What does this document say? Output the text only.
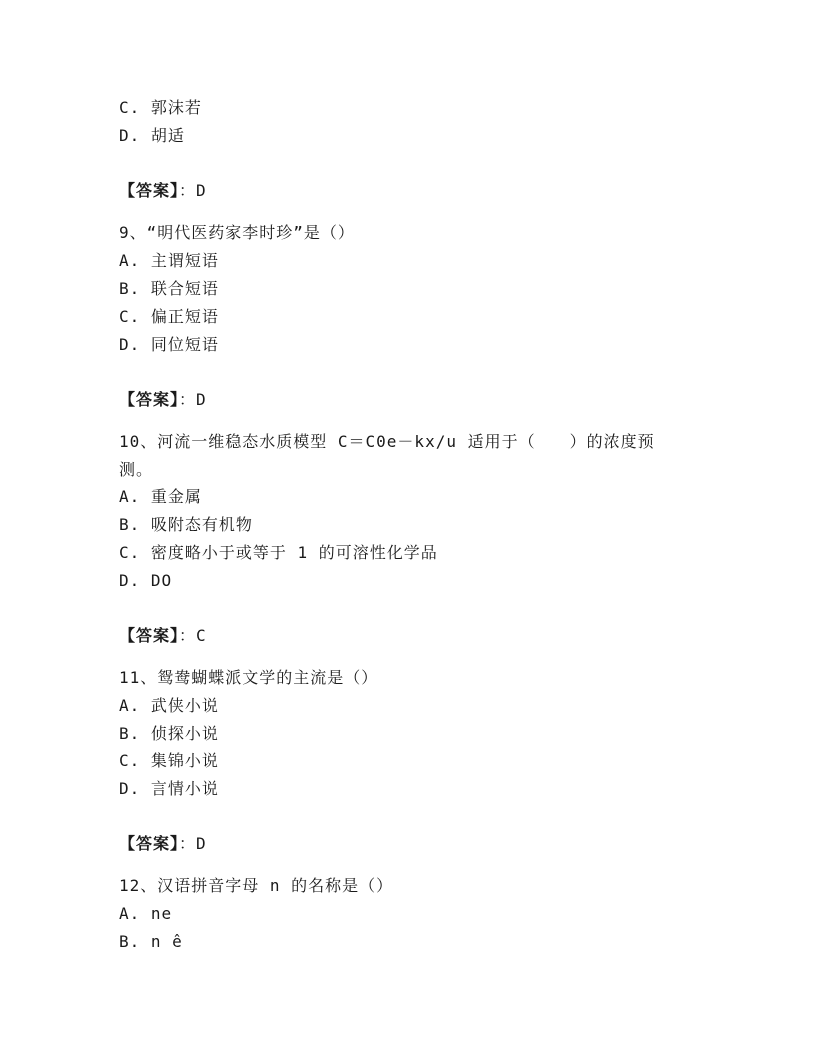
C. 郭沫若
D. 胡适
【答案】：D
9、“明代医药家李时珍”是（）
A. 主谓短语
B. 联合短语
C. 偏正短语
D. 同位短语
【答案】：D
10、河流一维稳态水质模型 C＝C0e－kx/u 适用于（　　）的浓度预
测。
A. 重金属
B. 吸附态有机物
C. 密度略小于或等于 1 的可溶性化学品
D. DO
【答案】：C
11、鸳鸯蝴蝶派文学的主流是（）
A. 武侠小说
B. 侦探小说
C. 集锦小说
D. 言情小说
【答案】：D
12、汉语拼音字母 n 的名称是（）
A. ne
B. n ê
